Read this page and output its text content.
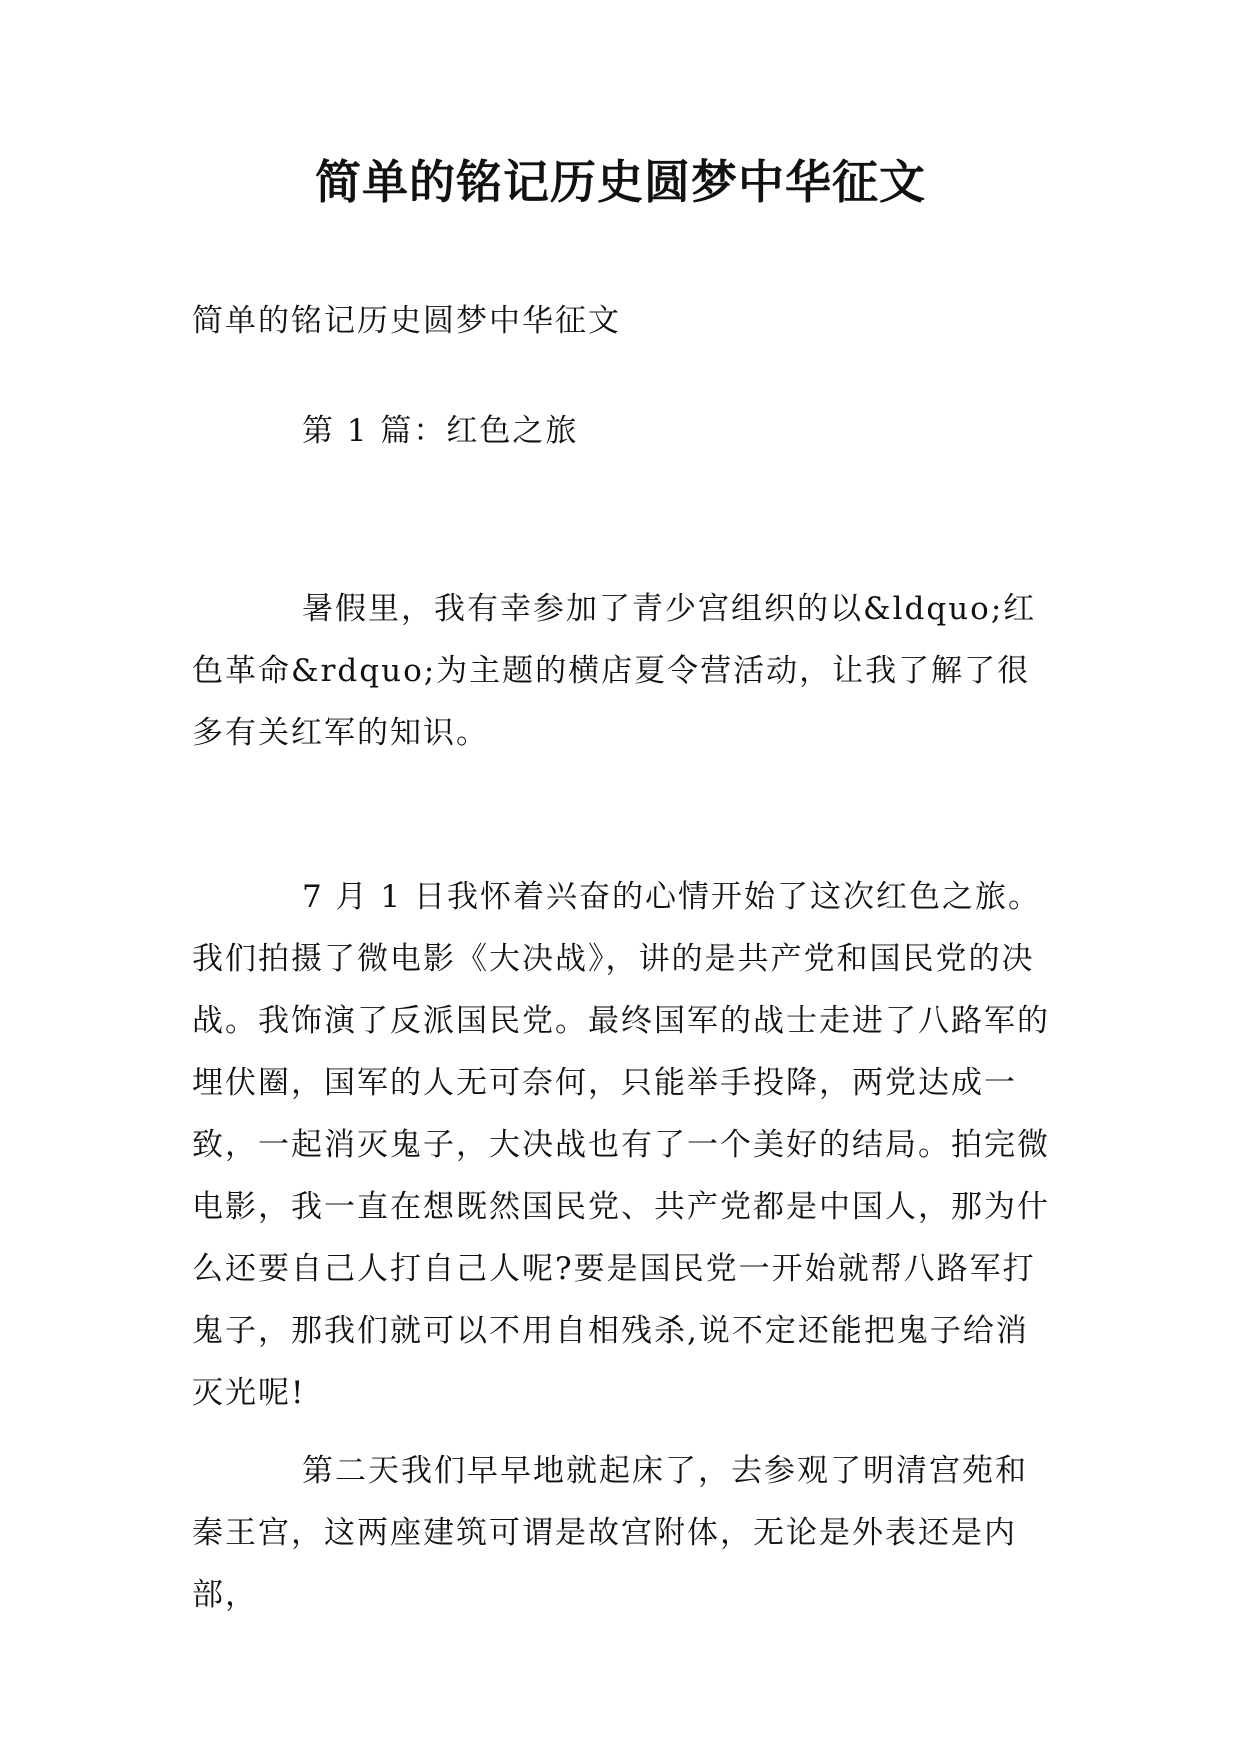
简单的铭记历史圆梦中华征文
简单的铭记历史圆梦中华征文
第 1 篇：红色之旅

暑假里，我有幸参加了青少宫组织的以&ldquo;红色革命&rdquo;为主题的横店夏令营活动，让我了解了很多有关红军的知识。

7 月 1 日我怀着兴奋的心情开始了这次红色之旅。我们拍摄了微电影《大决战》，讲的是共产党和国民党的决战。我饰演了反派国民党。最终国军的战士走进了八路军的埋伏圈，国军的人无可奈何，只能举手投降，两党达成一致，一起消灭鬼子，大决战也有了一个美好的结局。拍完微电影，我一直在想既然国民党、共产党都是中国人，那为什么还要自己人打自己人呢?要是国民党一开始就帮八路军打鬼子，那我们就可以不用自相残杀,说不定还能把鬼子给消灭光呢!

第二天我们早早地就起床了，去参观了明清宫苑和秦王宫，这两座建筑可谓是故宫附体，无论是外表还是内部，
